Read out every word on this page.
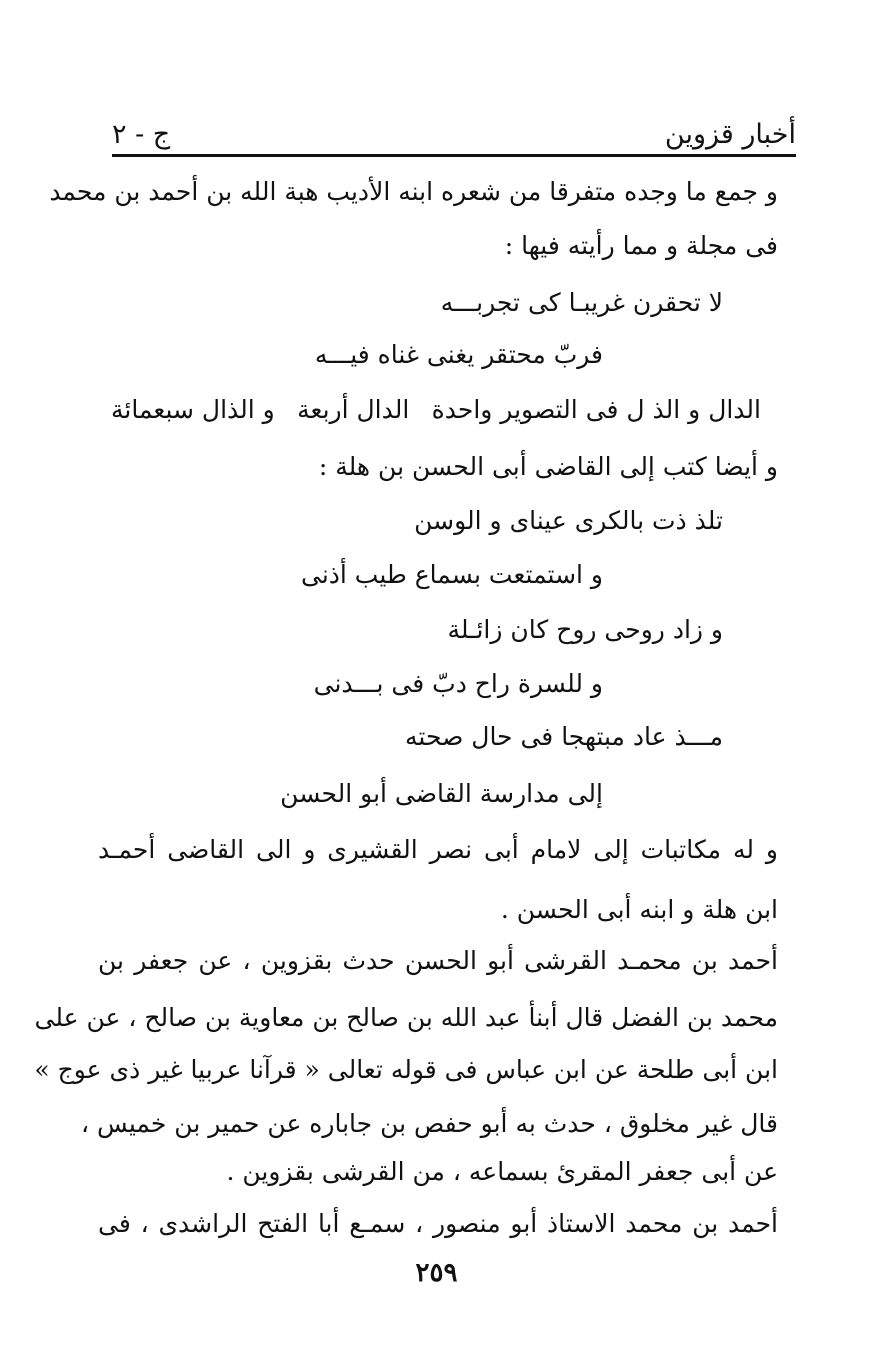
أخبار قزوين
ج - ٢
و جمع ما وجده متفرقا من شعره ابنه الأديب هبة الله بن أحمد بن محمد
فى مجلة و مما رأيته فيها :
لا تحقرن غريبـا كى تجربـــه
فربّ محتقر يغنى غناه فيـــه
الدال و الذ ل فى التصوير واحدة
الدال أربعة
و الذال سبعمائة
و أيضا كتب إلى القاضى أبى الحسن بن هلة :
تلذ ذت بالكرى عيناى و الوسن
و استمتعت بسماع طيب أذنى
و زاد روحى روح كان زائـلة
و للسرة راح دبّ فى بـــدنى
مـــذ عاد مبتهجا فى حال صحته
إلى مدارسة القاضى أبو الحسن
و له مكاتبات إلى لامام أبى نصر القشيرى و الى القاضى أحمـد
ابن هلة و ابنه أبى الحسن .
أحمد بن محمـد القرشى أبو الحسن حدث بقزوين ، عن جعفر بن
محمد بن الفضل قال أبنأ عبد الله بن صالح بن معاوية بن صالح ، عن على
ابن أبى طلحة عن ابن عباس فى قوله تعالى « قرآنا عربيا غير ذى عوج »
قال غير مخلوق ، حدث به أبو حفص بن جاباره عن حمير بن خميس ،
عن أبى جعفر المقرئ بسماعه ، من القرشى بقزوين .
أحمد بن محمد الاستاذ أبو منصور ، سمـع أبا الفتح الراشدى ، فى
٢٥٩
